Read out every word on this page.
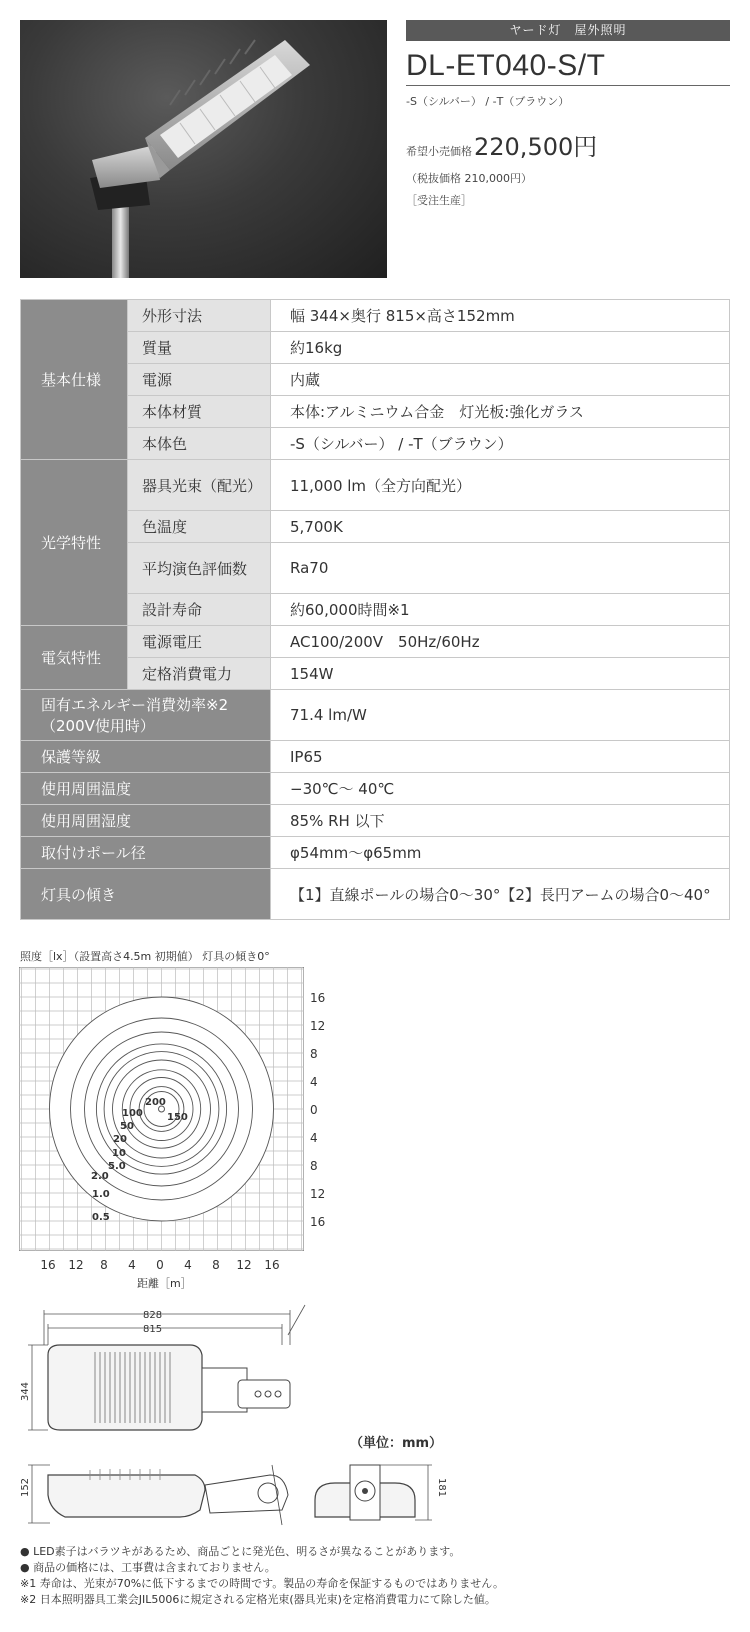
ヤード灯　屋外照明
DL-ET040-S/T
-S（シルバー） / -T（ブラウン）
希望小売価格 220,500円
（税抜価格 210,000円）
［受注生産］
基本仕様	外形寸法	幅 344×奥行 815×高さ152mm
	質量	約16kg
	電源	内蔵
	本体材質	本体:アルミニウム合金　灯光板:強化ガラス
	本体色	-S（シルバー） / -T（ブラウン）
光学特性	器具光束（配光）	11,000 lm（全方向配光）
	色温度	5,700K
	平均演色評価数	Ra70
	設計寿命	約60,000時間※1
電気特性	電源電圧	AC100/200V　50Hz/60Hz
	定格消費電力	154W
固有エネルギー消費効率※2（200V使用時）		71.4 lm/W
保護等級		IP65
使用周囲温度		−30℃〜 40℃
使用周囲湿度		85% RH 以下
取付けポール径		φ54mm〜φ65mm
灯具の傾き		【1】直線ポールの場合0〜30°【2】長円アームの場合0〜40°
照度［lx］（設置高さ4.5m 初期値） 灯具の傾き0°
200
150
100
50
20
10
5.0
2.0
1.0
0.5
16
12
8
4
0
4
8
12
16
16	12	8	4	0	4	8	12	16
距離［m］
828
815
344
（単位：mm）
152	181
● LED素子はバラツキがあるため、商品ごとに発光色、明るさが異なることがあります。
● 商品の価格には、工事費は含まれておりません。
※1 寿命は、光束が70%に低下するまでの時間です。製品の寿命を保証するものではありません。
※2 日本照明器具工業会JIL5006に規定される定格光束(器具光束)を定格消費電力にて除した値。
